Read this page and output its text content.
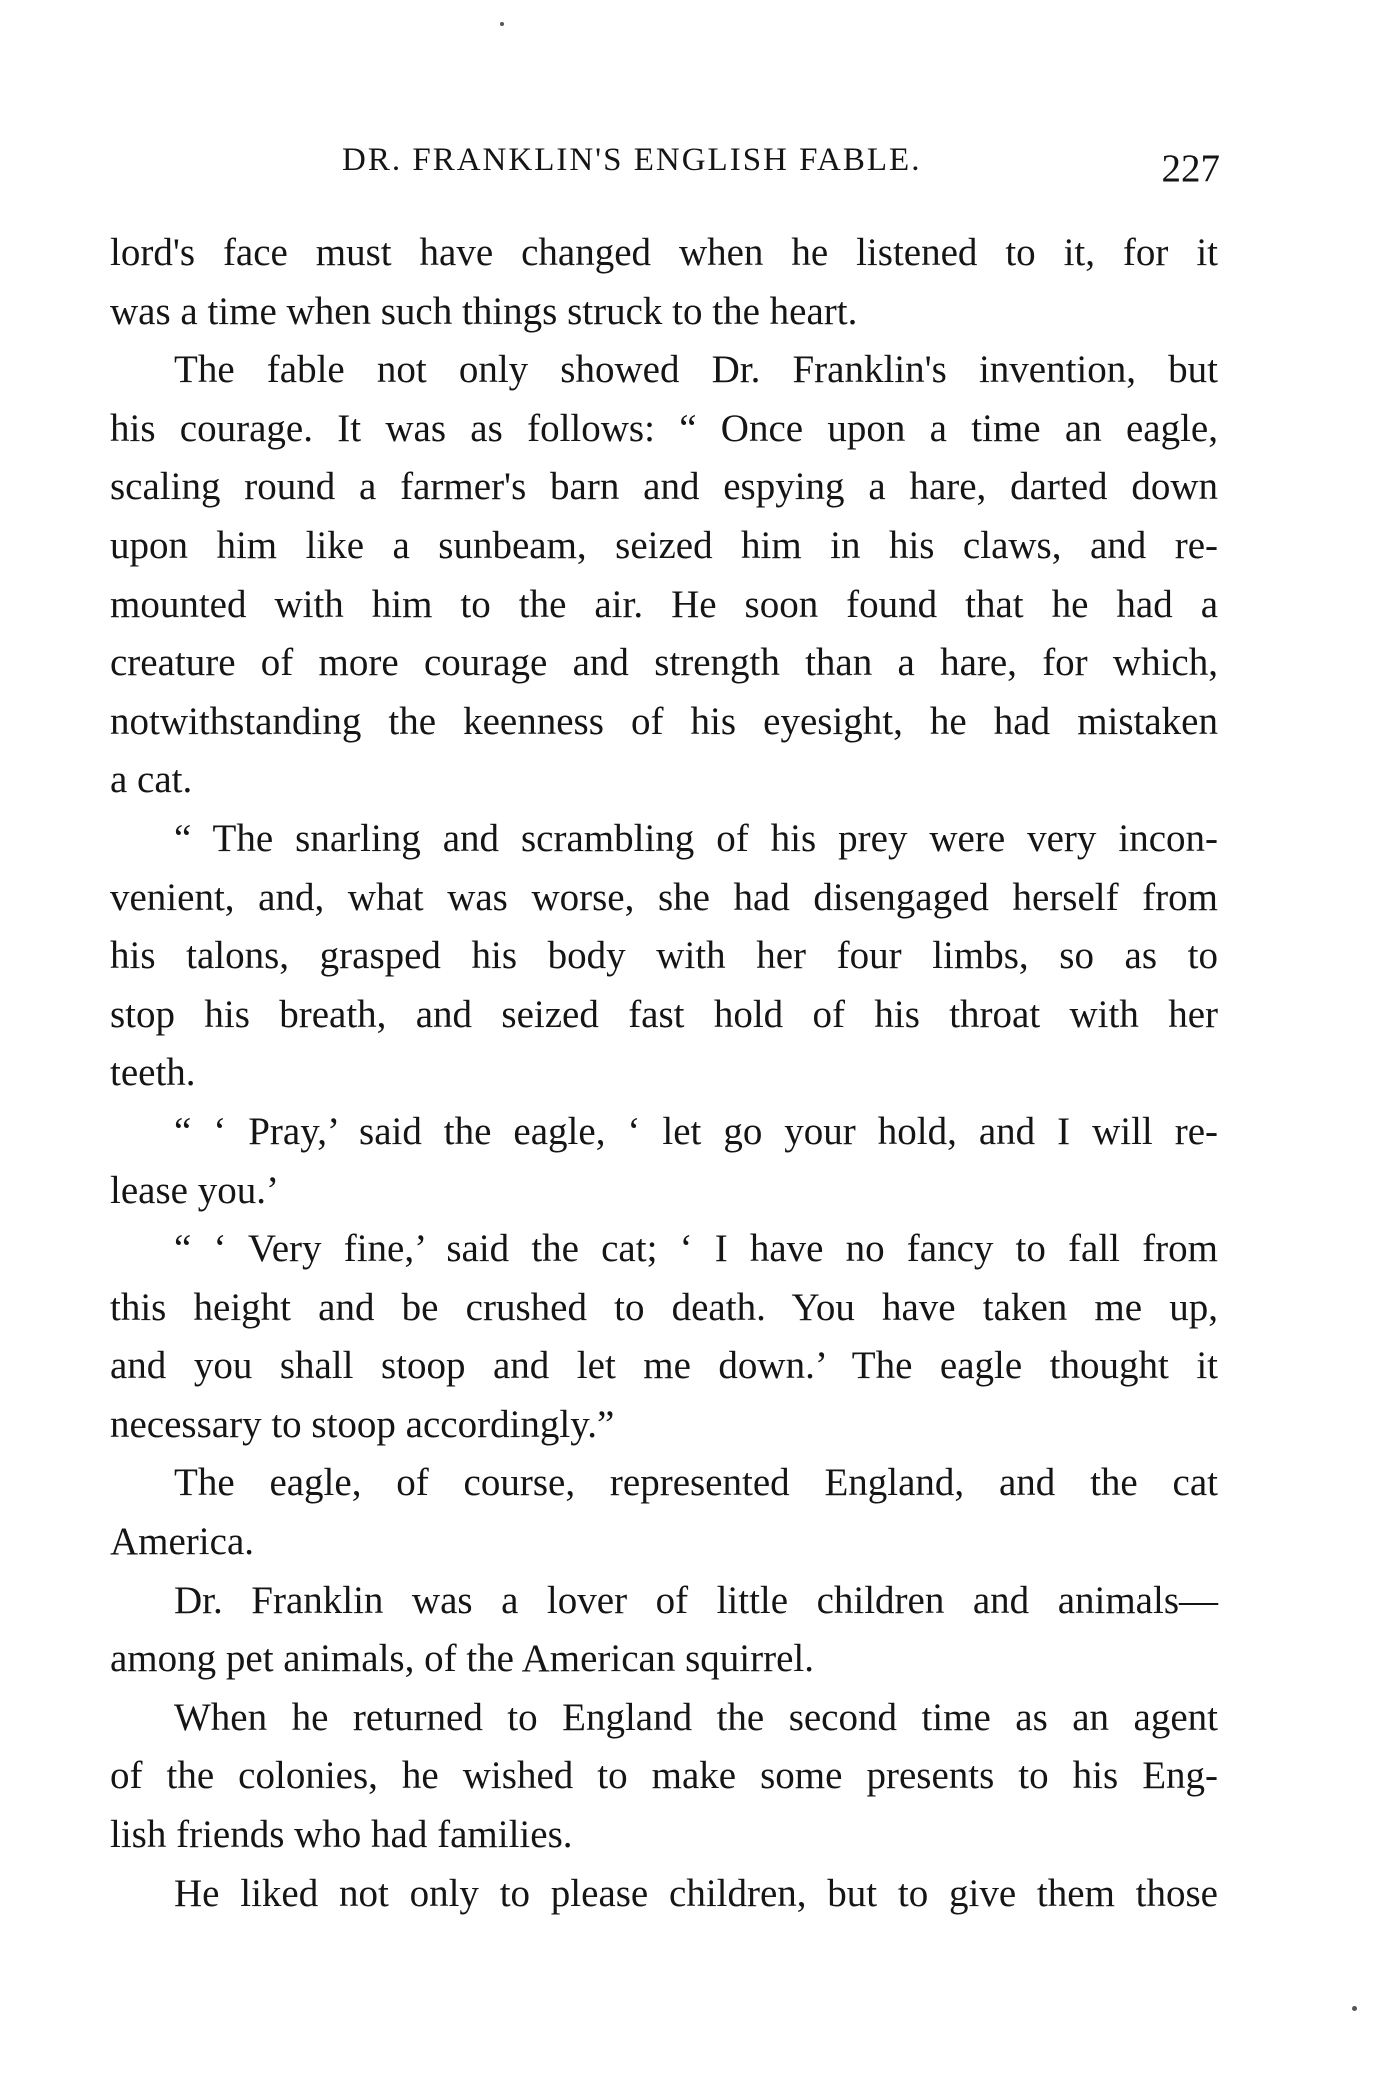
DR. FRANKLIN'S ENGLISH FABLE.	227

lord's face must have changed when he listened to it, for it
was a time when such things struck to the heart.

The fable not only showed Dr. Franklin's invention, but
his courage. It was as follows: “ Once upon a time an eagle,
scaling round a farmer's barn and espying a hare, darted down
upon him like a sunbeam, seized him in his claws, and re-
mounted with him to the air. He soon found that he had a
creature of more courage and strength than a hare, for which,
notwithstanding the keenness of his eyesight, he had mistaken
a cat.

“ The snarling and scrambling of his prey were very incon-
venient, and, what was worse, she had disengaged herself from
his talons, grasped his body with her four limbs, so as to
stop his breath, and seized fast hold of his throat with her
teeth.

“ ‘ Pray,’ said the eagle, ‘ let go your hold, and I will re-
lease you.’

“ ‘ Very fine,’ said the cat; ‘ I have no fancy to fall from
this height and be crushed to death. You have taken me up,
and you shall stoop and let me down.’ The eagle thought it
necessary to stoop accordingly.”

The eagle, of course, represented England, and the cat
America.

Dr. Franklin was a lover of little children and animals—
among pet animals, of the American squirrel.

When he returned to England the second time as an agent
of the colonies, he wished to make some presents to his Eng-
lish friends who had families.

He liked not only to please children, but to give them those
